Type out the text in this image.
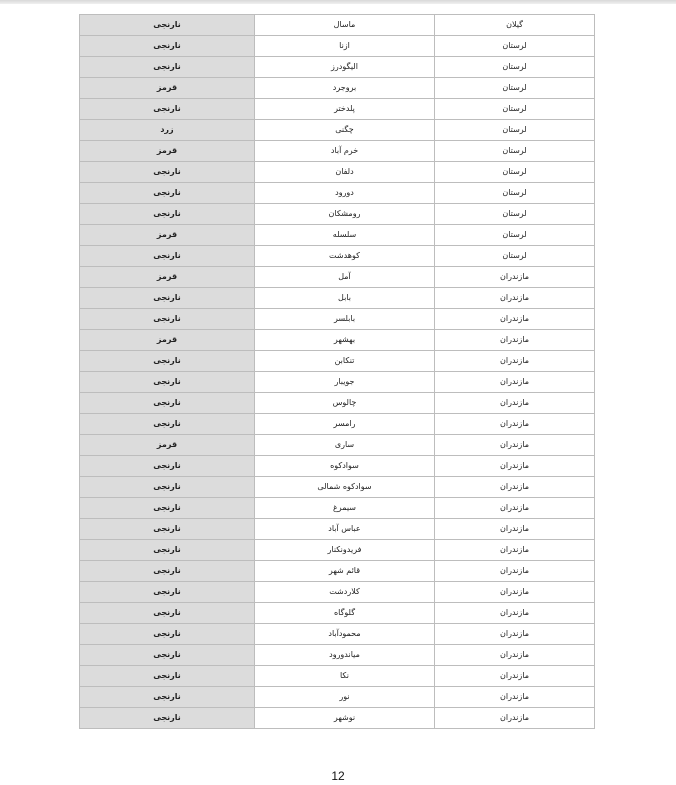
گیلان	ماسال	نارنجی
لرستان	ازنا	نارنجی
لرستان	الیگودرز	نارنجی
لرستان	بروجرد	قرمز
لرستان	پلدختر	نارنجی
لرستان	چگنی	زرد
لرستان	خرم آباد	قرمز
لرستان	دلفان	نارنجی
لرستان	دورود	نارنجی
لرستان	رومشکان	نارنجی
لرستان	سلسله	قرمز
لرستان	کوهدشت	نارنجی
مازندران	آمل	قرمز
مازندران	بابل	نارنجی
مازندران	بابلسر	نارنجی
مازندران	بهشهر	قرمز
مازندران	تنکابن	نارنجی
مازندران	جویبار	نارنجی
مازندران	چالوس	نارنجی
مازندران	رامسر	نارنجی
مازندران	ساری	قرمز
مازندران	سوادکوه	نارنجی
مازندران	سوادکوه شمالی	نارنجی
مازندران	سیمرغ	نارنجی
مازندران	عباس آباد	نارنجی
مازندران	فریدونکنار	نارنجی
مازندران	قائم شهر	نارنجی
مازندران	کلاردشت	نارنجی
مازندران	گلوگاه	نارنجی
مازندران	محمودآباد	نارنجی
مازندران	میاندورود	نارنجی
مازندران	نکا	نارنجی
مازندران	نور	نارنجی
مازندران	نوشهر	نارنجی
12
